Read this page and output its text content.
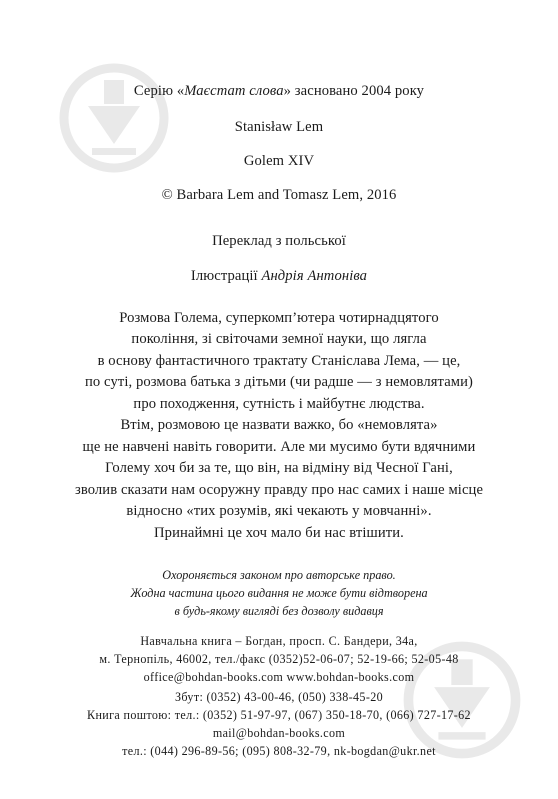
Серію «Маєстат слова» засновано 2004 року
Stanisław Lem
Golem XIV
© Barbara Lem and Tomasz Lem, 2016
Переклад з польської
Ілюстрації Андрія Антоніва
Розмова Голема, суперкомп’ютера чотирнадцятого
покоління, зі світочами земної науки, що лягла
в основу фантастичного трактату Станіслава Лема, — це,
по суті, розмова батька з дітьми (чи радше — з немовлятами)
про походження, сутність і майбутнє людства.
Втім, розмовою це назвати важко, бо «немовлята»
ще не навчені навіть говорити. Але ми мусимо бути вдячними
Голему хоч би за те, що він, на відміну від Чесної Гані,
зволив сказати нам осоружну правду про нас самих і наше місце
відносно «тих розумів, які чекають у мовчанні».
Принаймні це хоч мало би нас втішити.
Охороняється законом про авторське право.
Жодна частина цього видання не може бути відтворена
в будь-якому вигляді без дозволу видавця
Навчальна книга – Богдан, просп. С. Бандери, 34а,
м. Тернопіль, 46002, тел./факс (0352)52-06-07; 52-19-66; 52-05-48
office@bohdan-books.com www.bohdan-books.com
Збут: (0352) 43-00-46, (050) 338-45-20
Книга поштою: тел.: (0352) 51-97-97, (067) 350-18-70, (066) 727-17-62
mail@bohdan-books.com
тел.: (044) 296-89-56; (095) 808-32-79, nk-bogdan@ukr.net
